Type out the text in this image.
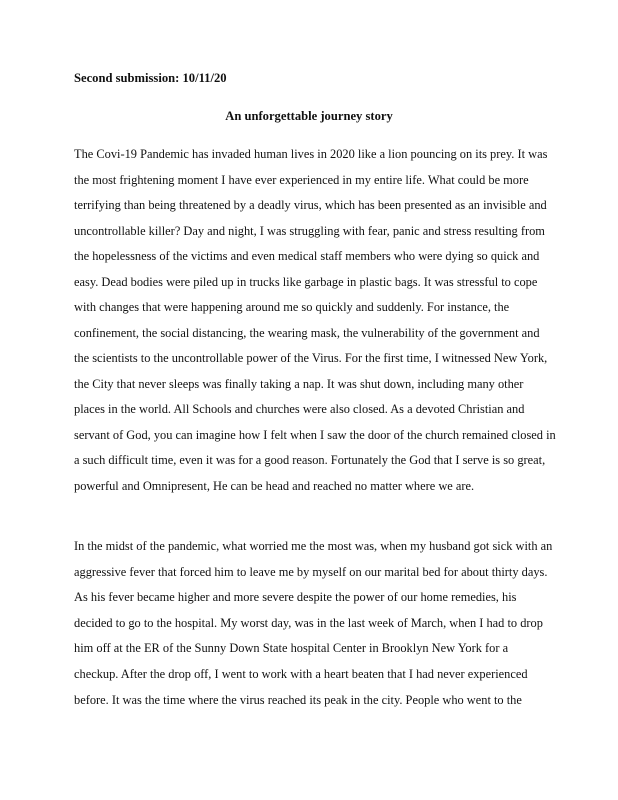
Second submission: 10/11/20

An unforgettable journey story

The Covi-19 Pandemic has invaded human lives in 2020 like a lion pouncing on its prey. It was
the most frightening moment I have ever experienced in my entire life. What could be more
terrifying than being threatened by a deadly virus, which has been presented as an invisible and
uncontrollable killer? Day and night, I was struggling with fear, panic and stress resulting from
the hopelessness of the victims and even medical staff members who were dying so quick and
easy. Dead bodies were piled up in trucks like garbage in plastic bags. It was stressful to cope
with changes that were happening around me so quickly and suddenly. For instance, the
confinement, the social distancing, the wearing mask, the vulnerability of the government and
the scientists to the uncontrollable power of the Virus. For the first time, I witnessed New York,
the City that never sleeps was finally taking a nap. It was shut down, including many other
places in the world. All Schools and churches were also closed. As a devoted Christian and
servant of God, you can imagine how I felt when I saw the door of the church remained closed in
a such difficult time, even it was for a good reason. Fortunately the God that I serve is so great,
powerful and Omnipresent, He can be head and reached no matter where we are.
In the midst of the pandemic, what worried me the most was, when my husband got sick with an
aggressive fever that forced him to leave me by myself on our marital bed for about thirty days.
As his fever became higher and more severe despite the power of our home remedies, his
decided to go to the hospital. My worst day, was in the last week of March, when I had to drop
him off at the ER of the Sunny Down State hospital Center in Brooklyn New York for a
checkup. After the drop off, I went to work with a heart beaten that I had never experienced
before. It was the time where the virus reached its peak in the city. People who went to the
